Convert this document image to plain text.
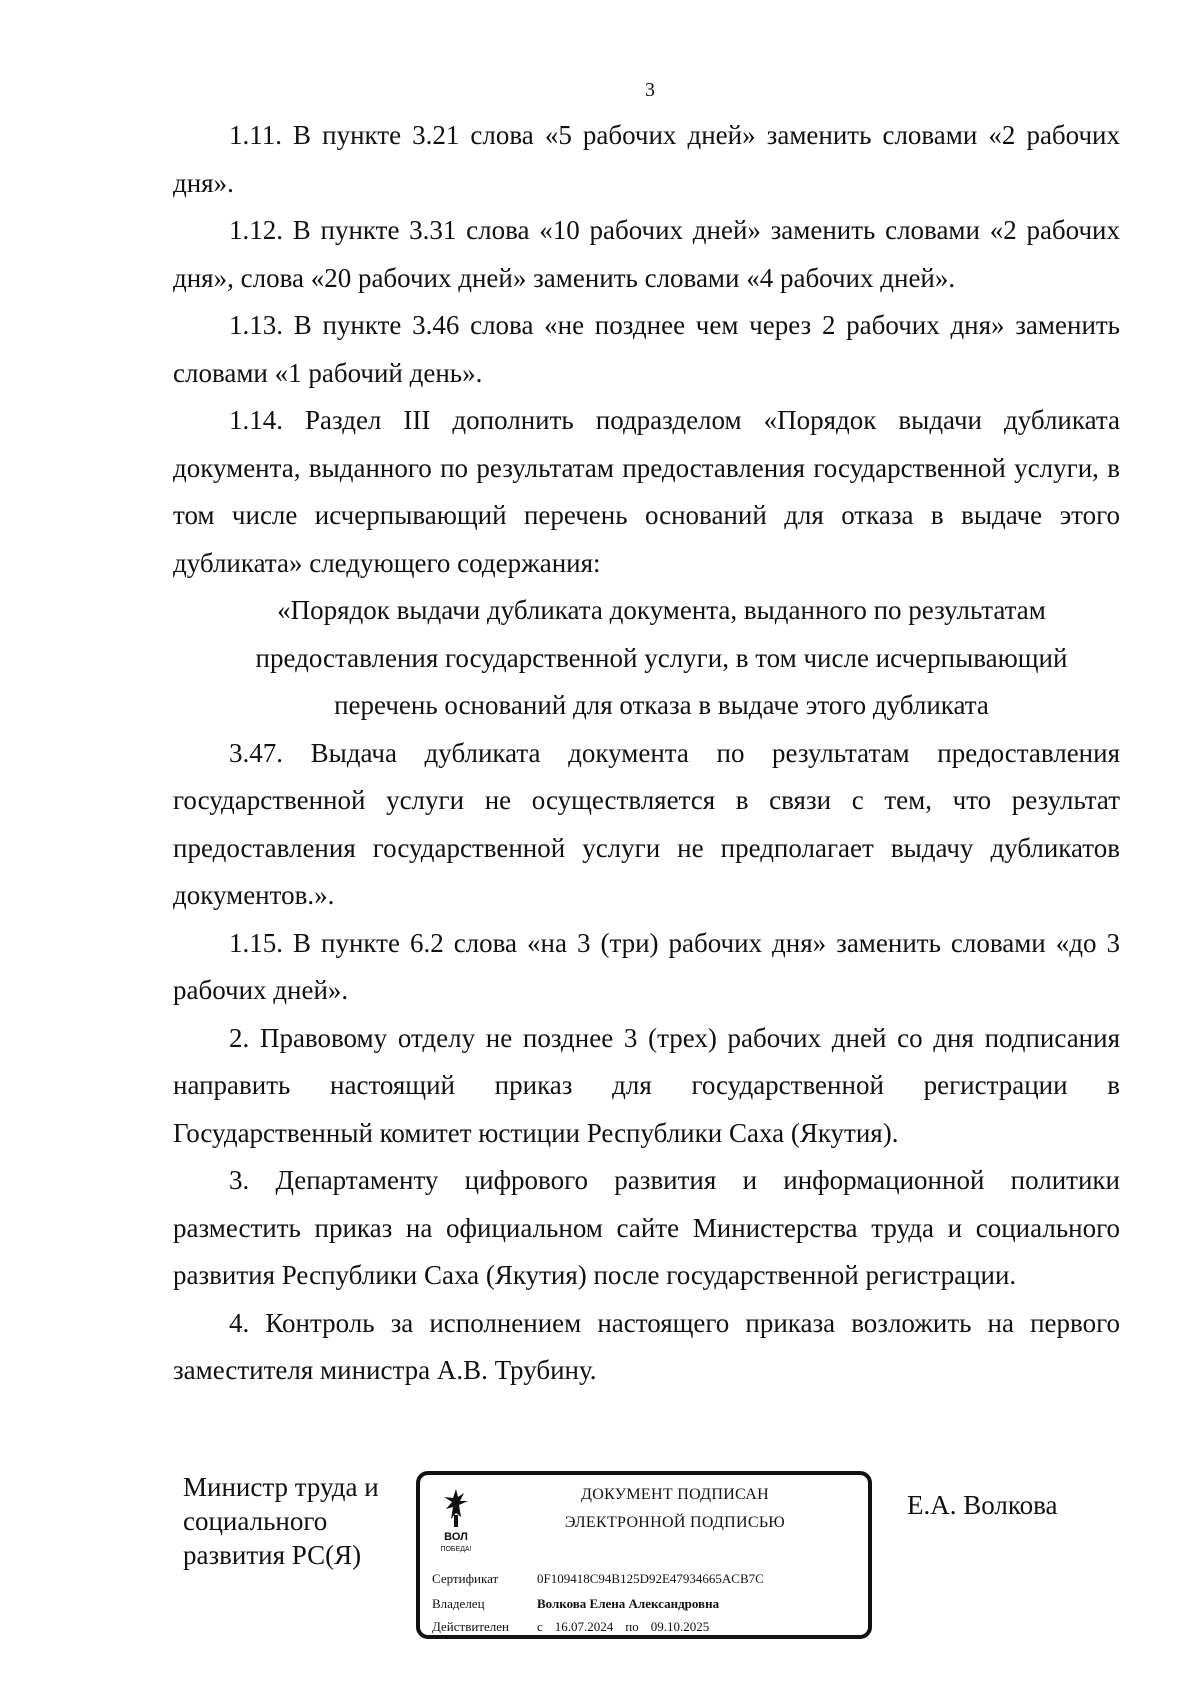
3

1.11. В пункте 3.21 слова «5 рабочих дней» заменить словами «2 рабочих дня».

1.12. В пункте 3.31 слова «10 рабочих дней» заменить словами «2 рабочих дня», слова «20 рабочих дней» заменить словами «4 рабочих дней».

1.13. В пункте 3.46 слова «не позднее чем через 2 рабочих дня» заменить словами «1 рабочий день».

1.14. Раздел III дополнить подразделом «Порядок выдачи дубликата документа, выданного по результатам предоставления государственной услуги, в том числе исчерпывающий перечень оснований для отказа в выдаче этого дубликата» следующего содержания:

«Порядок выдачи дубликата документа, выданного по результатам

предоставления государственной услуги, в том числе исчерпывающий

перечень оснований для отказа в выдаче этого дубликата

3.47. Выдача дубликата документа по результатам предоставления государственной услуги не осуществляется в связи с тем, что результат предоставления государственной услуги не предполагает выдачу дубликатов документов.».

1.15. В пункте 6.2 слова «на 3 (три) рабочих дня» заменить словами «до 3 рабочих дней».

2. Правовому отделу не позднее 3 (трех) рабочих дней со дня подписания направить настоящий приказ для государственной регистрации в Государственный комитет юстиции Республики Саха (Якутия).

3. Департаменту цифрового развития и информационной политики разместить приказ на официальном сайте Министерства труда и социального развития Республики Саха (Якутия) после государственной регистрации.

4. Контроль за исполнением настоящего приказа возложить на первого заместителя министра А.В. Трубину.

Министр труда и
социального
развития РС(Я)
ВОЛ
ПОБЕДА!
ДОКУМЕНТ ПОДПИСАН
ЭЛЕКТРОННОЙ ПОДПИСЬЮ
Сертификат	0F109418C94B125D92E47934665ACB7C
Владелец	Волкова Елена Александровна
Действителен с 16.07.2024 по 09.10.2025
Е.А. Волкова
